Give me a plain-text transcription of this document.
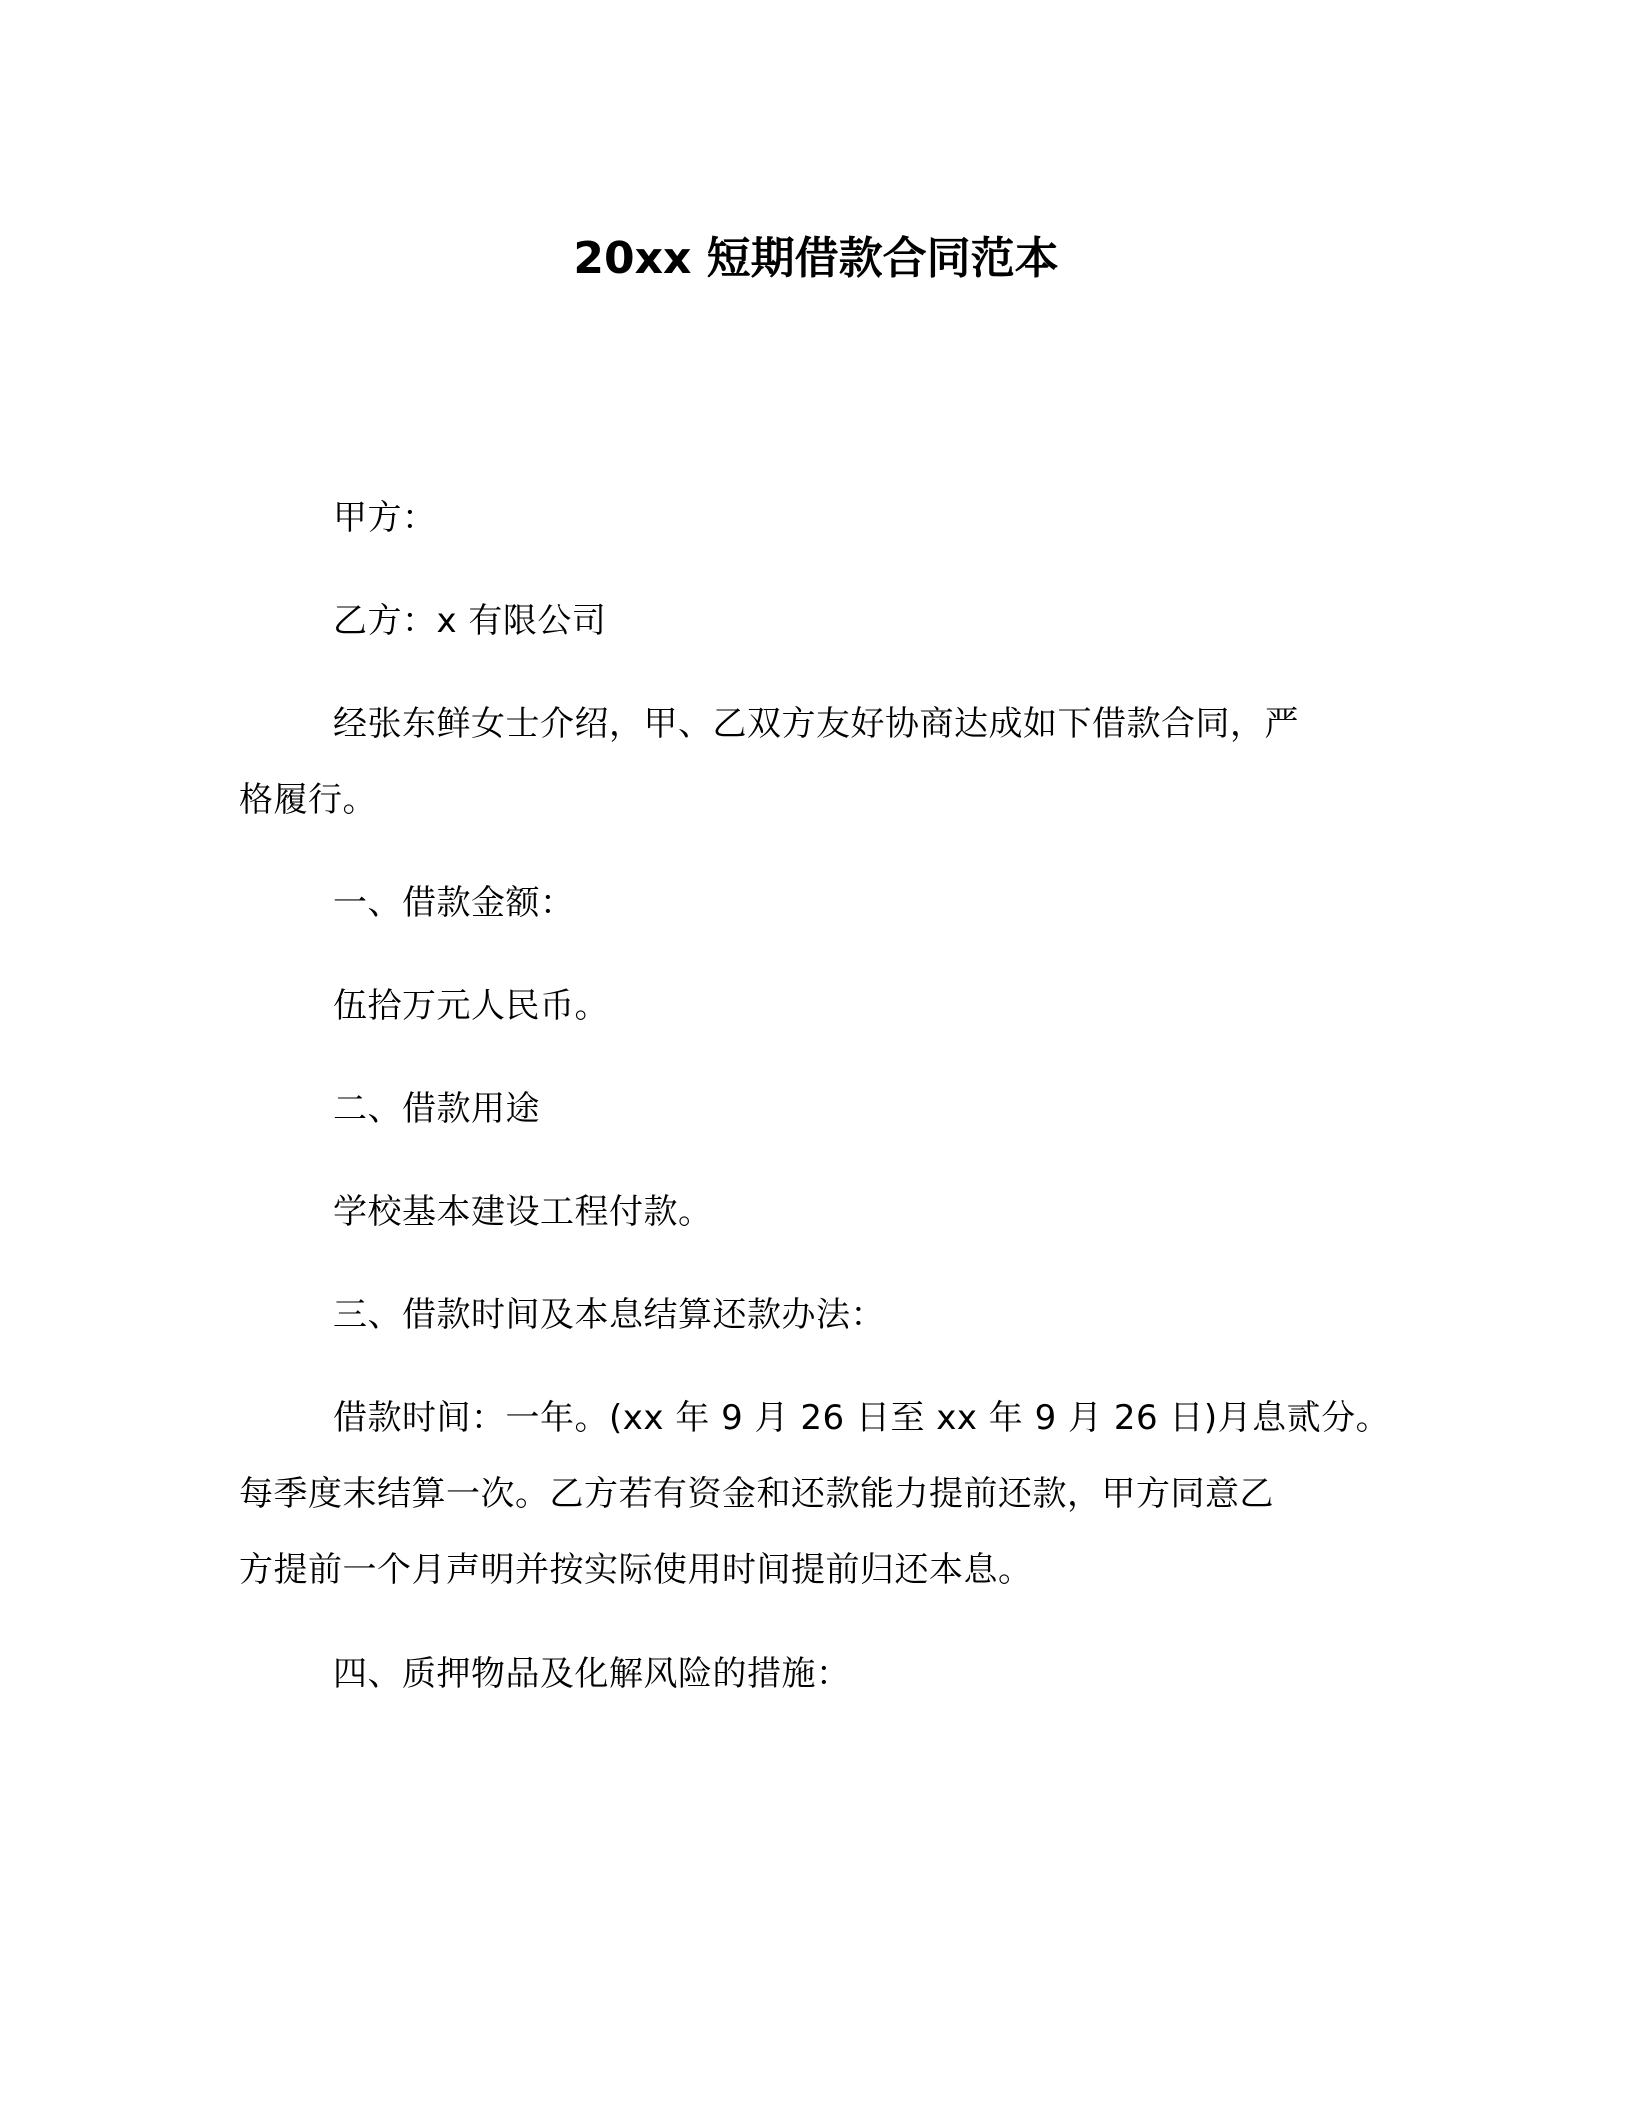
20xx 短期借款合同范本
甲方：
乙方：x 有限公司
经张东鲜女士介绍，甲、乙双方友好协商达成如下借款合同，严
格履行。
一、借款金额：
伍拾万元人民币。
二、借款用途
学校基本建设工程付款。
三、借款时间及本息结算还款办法：
借款时间：一年。(xx 年 9 月 26 日至 xx 年 9 月 26 日)月息贰分。
每季度末结算一次。乙方若有资金和还款能力提前还款，甲方同意乙
方提前一个月声明并按实际使用时间提前归还本息。
四、质押物品及化解风险的措施：
